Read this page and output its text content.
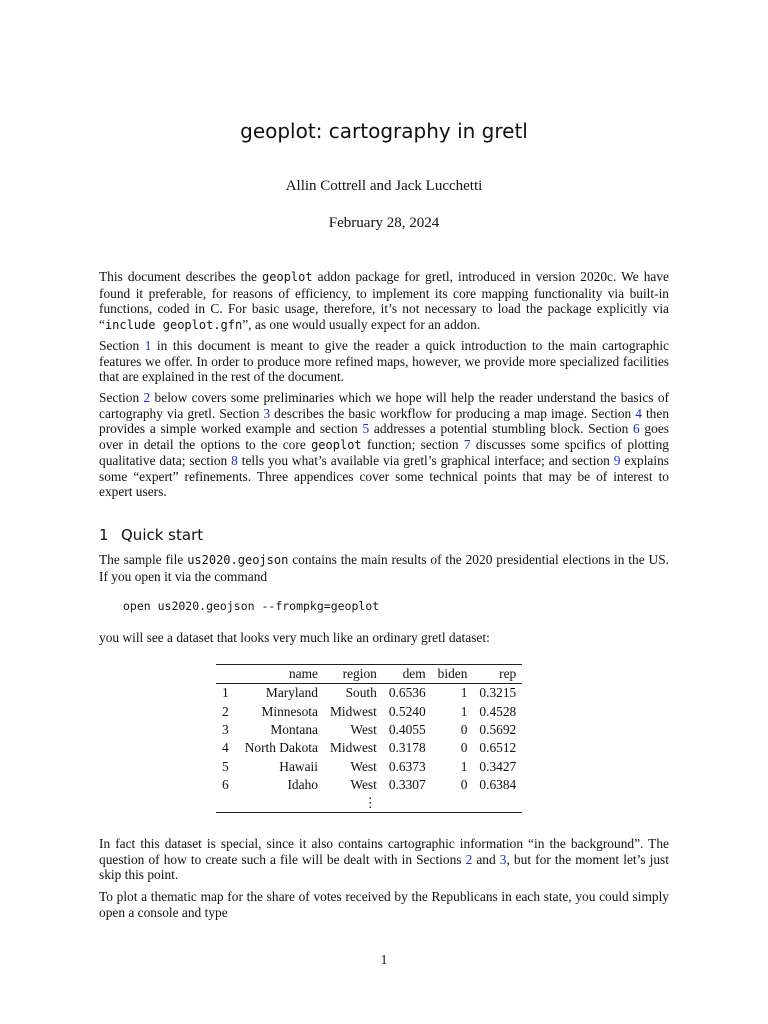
geoplot: cartography in gretl
Allin Cottrell and Jack Lucchetti
February 28, 2024

This document describes the geoplot addon package for gretl, introduced in version 2020c. We have found it preferable, for reasons of efficiency, to implement its core mapping functionality via built-in functions, coded in C. For basic usage, therefore, it’s not necessary to load the package explicitly via “include geoplot.gfn”, as one would usually expect for an addon.

Section 1 in this document is meant to give the reader a quick introduction to the main cartographic features we offer. In order to produce more refined maps, however, we provide more specialized facilities that are explained in the rest of the document.

Section 2 below covers some preliminaries which we hope will help the reader understand the basics of cartography via gretl. Section 3 describes the basic workflow for producing a map image. Section 4 then provides a simple worked example and section 5 addresses a potential stumbling block. Section 6 goes over in detail the options to the core geoplot function; section 7 discusses some spcifics of plotting qualitative data; section 8 tells you what’s available via gretl’s graphical interface; and section 9 explains some “expert” refinements. Three appendices cover some technical points that may be of interest to expert users.

1 Quick start

The sample file us2020.geojson contains the main results of the 2020 presidential elections in the US. If you open it via the command

open us2020.geojson --frompkg=geoplot

you will see a dataset that looks very much like an ordinary gretl dataset:

	name	region	dem	biden	rep
1	Maryland	South	0.6536	1	0.3215
2	Minnesota	Midwest	0.5240	1	0.4528
3	Montana	West	0.4055	0	0.5692
4	North Dakota	Midwest	0.3178	0	0.6512
5	Hawaii	West	0.6373	1	0.3427
6	Idaho	West	0.3307	0	0.6384
		⋮			

In fact this dataset is special, since it also contains cartographic information “in the background”. The question of how to create such a file will be dealt with in Sections 2 and 3, but for the moment let’s just skip this point.

To plot a thematic map for the share of votes received by the Republicans in each state, you could simply open a console and type

1
